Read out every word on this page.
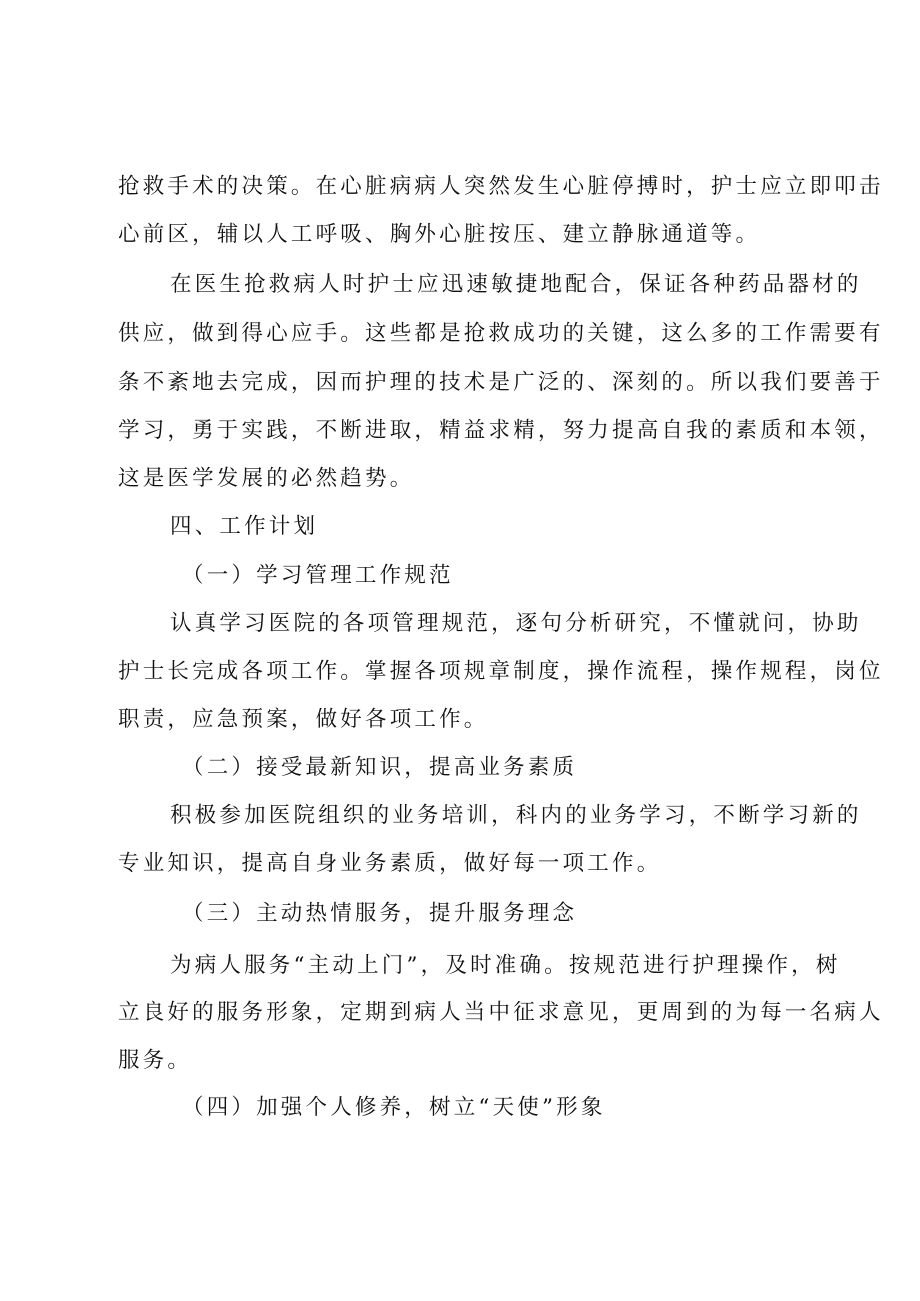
抢救手术的决策。在心脏病病人突然发生心脏停搏时，护士应立即叩击
心前区，辅以人工呼吸、胸外心脏按压、建立静脉通道等。
在医生抢救病人时护士应迅速敏捷地配合，保证各种药品器材的
供应，做到得心应手。这些都是抢救成功的关键，这么多的工作需要有
条不紊地去完成，因而护理的技术是广泛的、深刻的。所以我们要善于
学习，勇于实践，不断进取，精益求精，努力提高自我的素质和本领，
这是医学发展的必然趋势。
四、工作计划
（一）学习管理工作规范
认真学习医院的各项管理规范，逐句分析研究，不懂就问，协助
护士长完成各项工作。掌握各项规章制度，操作流程，操作规程，岗位
职责，应急预案，做好各项工作。
（二）接受最新知识，提高业务素质
积极参加医院组织的业务培训，科内的业务学习，不断学习新的
专业知识，提高自身业务素质，做好每一项工作。
（三）主动热情服务，提升服务理念
为病人服务“主动上门”，及时准确。按规范进行护理操作，树
立良好的服务形象，定期到病人当中征求意见，更周到的为每一名病人
服务。
（四）加强个人修养，树立“天使”形象
